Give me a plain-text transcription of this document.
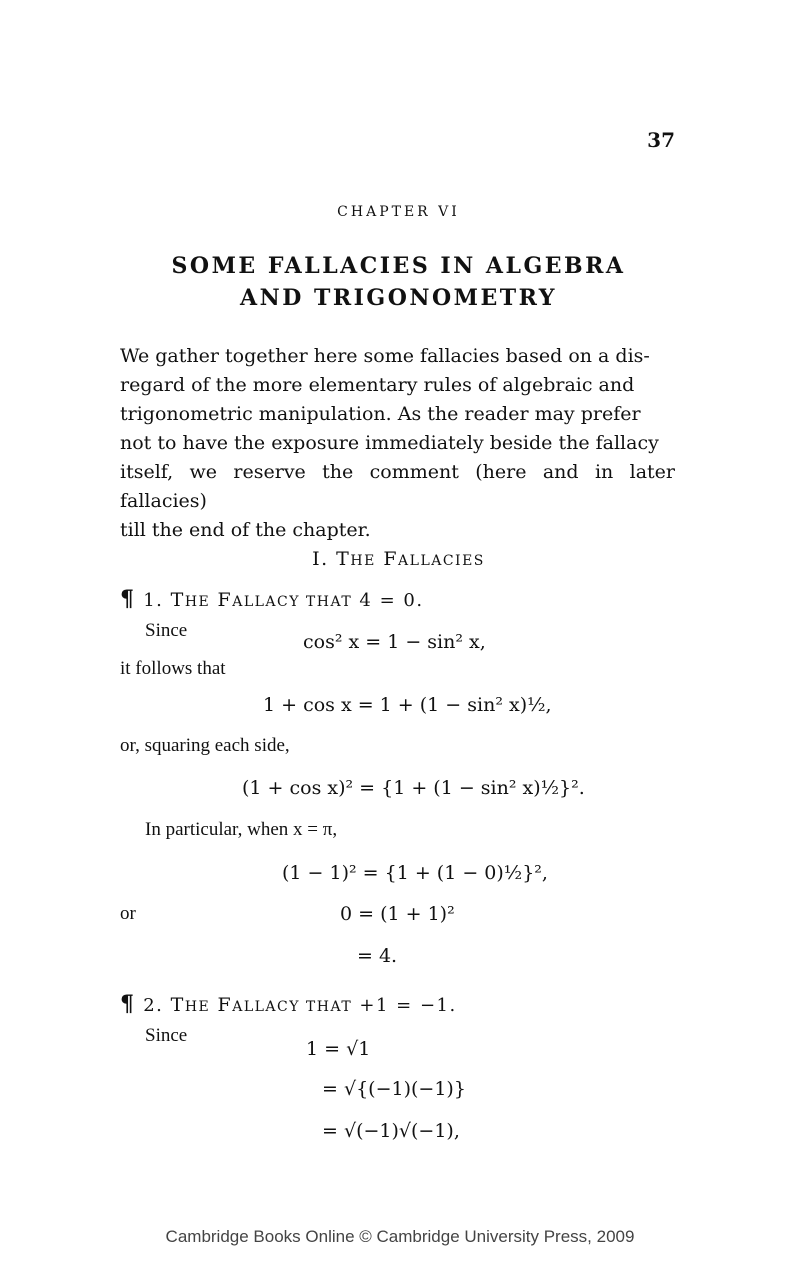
37
CHAPTER VI
SOME FALLACIES IN ALGEBRA
AND TRIGONOMETRY
We gather together here some fallacies based on a dis-
regard of the more elementary rules of algebraic and
trigonometric manipulation. As the reader may prefer
not to have the exposure immediately beside the fallacy
itself, we reserve the comment (here and in later fallacies)
till the end of the chapter.
I. THE FALLACIES
¶ 1. THE FALLACY THAT 4 = 0.
Since
cos² x = 1 − sin² x,
it follows that
1 + cos x = 1 + (1 − sin² x)½,
or, squaring each side,
(1 + cos x)² = {1 + (1 − sin² x)½}².
In particular, when x = π,
(1 − 1)² = {1 + (1 − 0)½}²,
or	0 = (1 + 1)²
= 4.
¶ 2. THE FALLACY THAT +1 = −1.
Since
1 = √1
= √{(−1)(−1)}
= √(−1)√(−1),
Cambridge Books Online © Cambridge University Press, 2009
